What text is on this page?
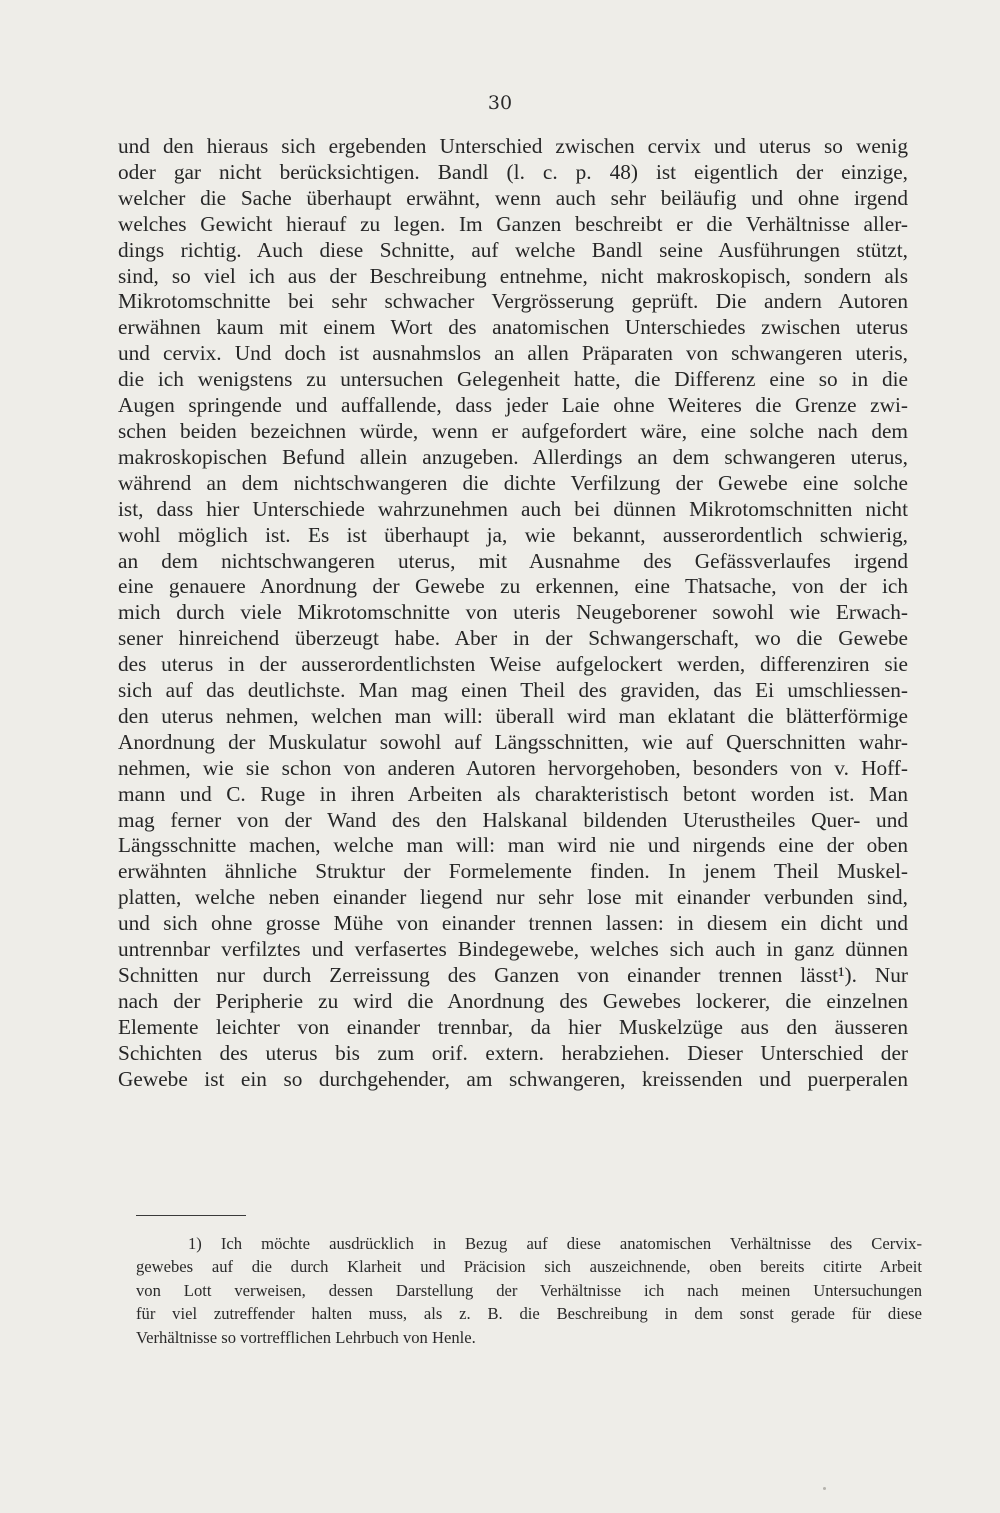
30
und den hieraus sich ergebenden Unterschied zwischen cervix und uterus so wenig
oder gar nicht berücksichtigen. Bandl (l. c. p. 48) ist eigentlich der einzige,
welcher die Sache überhaupt erwähnt, wenn auch sehr beiläufig und ohne irgend
welches Gewicht hierauf zu legen. Im Ganzen beschreibt er die Verhältnisse aller-
dings richtig. Auch diese Schnitte, auf welche Bandl seine Ausführungen stützt,
sind, so viel ich aus der Beschreibung entnehme, nicht makroskopisch, sondern als
Mikrotomschnitte bei sehr schwacher Vergrösserung geprüft. Die andern Autoren
erwähnen kaum mit einem Wort des anatomischen Unterschiedes zwischen uterus
und cervix. Und doch ist ausnahmslos an allen Präparaten von schwangeren uteris,
die ich wenigstens zu untersuchen Gelegenheit hatte, die Differenz eine so in die
Augen springende und auffallende, dass jeder Laie ohne Weiteres die Grenze zwi-
schen beiden bezeichnen würde, wenn er aufgefordert wäre, eine solche nach dem
makroskopischen Befund allein anzugeben. Allerdings an dem schwangeren uterus,
während an dem nichtschwangeren die dichte Verfilzung der Gewebe eine solche
ist, dass hier Unterschiede wahrzunehmen auch bei dünnen Mikrotomschnitten nicht
wohl möglich ist. Es ist überhaupt ja, wie bekannt, ausserordentlich schwierig,
an dem nichtschwangeren uterus, mit Ausnahme des Gefässverlaufes irgend
eine genauere Anordnung der Gewebe zu erkennen, eine Thatsache, von der ich
mich durch viele Mikrotomschnitte von uteris Neugeborener sowohl wie Erwach-
sener hinreichend überzeugt habe. Aber in der Schwangerschaft, wo die Gewebe
des uterus in der ausserordentlichsten Weise aufgelockert werden, differenziren sie
sich auf das deutlichste. Man mag einen Theil des graviden, das Ei umschliessen-
den uterus nehmen, welchen man will: überall wird man eklatant die blätterförmige
Anordnung der Muskulatur sowohl auf Längsschnitten, wie auf Querschnitten wahr-
nehmen, wie sie schon von anderen Autoren hervorgehoben, besonders von v. Hoff-
mann und C. Ruge in ihren Arbeiten als charakteristisch betont worden ist. Man
mag ferner von der Wand des den Halskanal bildenden Uterustheiles Quer- und
Längsschnitte machen, welche man will: man wird nie und nirgends eine der oben
erwähnten ähnliche Struktur der Formelemente finden. In jenem Theil Muskel-
platten, welche neben einander liegend nur sehr lose mit einander verbunden sind,
und sich ohne grosse Mühe von einander trennen lassen: in diesem ein dicht und
untrennbar verfilztes und verfasertes Bindegewebe, welches sich auch in ganz dünnen
Schnitten nur durch Zerreissung des Ganzen von einander trennen lässt¹). Nur
nach der Peripherie zu wird die Anordnung des Gewebes lockerer, die einzelnen
Elemente leichter von einander trennbar, da hier Muskelzüge aus den äusseren
Schichten des uterus bis zum orif. extern. herabziehen. Dieser Unterschied der
Gewebe ist ein so durchgehender, am schwangeren, kreissenden und puerperalen
1) Ich möchte ausdrücklich in Bezug auf diese anatomischen Verhältnisse des Cervix-
gewebes auf die durch Klarheit und Präcision sich auszeichnende, oben bereits citirte Arbeit
von Lott verweisen, dessen Darstellung der Verhältnisse ich nach meinen Untersuchungen
für viel zutreffender halten muss, als z. B. die Beschreibung in dem sonst gerade für diese
Verhältnisse so vortrefflichen Lehrbuch von Henle.
